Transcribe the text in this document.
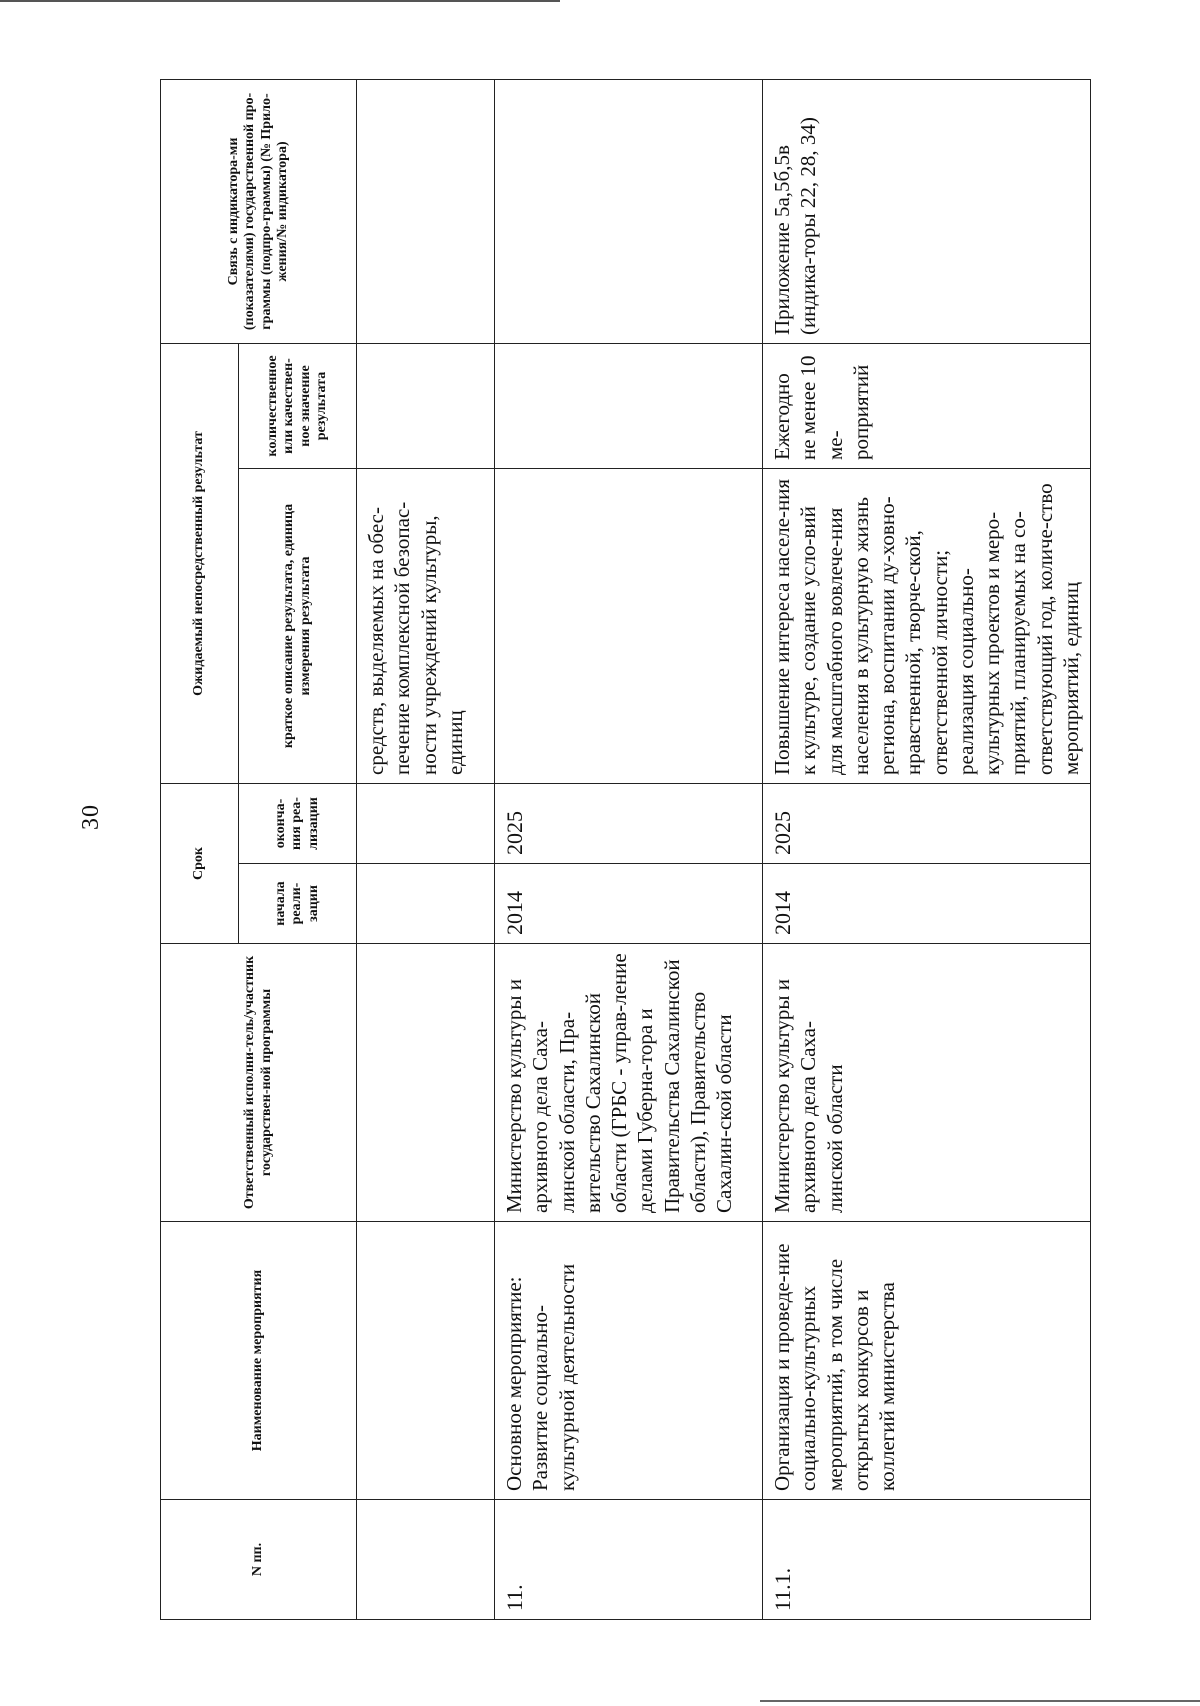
30
N пп.	Наименование мероприятия	Ответственный исполни-тель/участник государствен-ной программы	Срок		Ожидаемый непосредственный результат		Связь с индикатора-ми (показателями) государственной про-граммы (подпро-граммы) (№ Прило-жения/№ индикатора)
			начала реали-зации	оконча-ния реа-лизации	краткое описание результата, единица измерения результата	количественное или качествен-ное значение результата	
					средств, выделяемых на обес-печение комплексной безопас-ности учреждений культуры, единиц		
11.	Основное мероприятие: Развитие социально-культурной деятельности	Министерство культуры и архивного дела Саха-линской области, Пра-вительство Сахалинской области (ГРБС - управ-ление делами Губерна-тора и Правительства Сахалинской области), Правительство Сахалин-ской области	2014	2025			
11.1.	Организация и проведе-ние социально-культурных мероприятий, в том числе открытых конкурсов и коллегий министерства	Министерство культуры и архивного дела Саха-линской области	2014	2025	Повышение интереса населе-ния к культуре, создание усло-вий для масштабного вовлече-ния населения в культурную жизнь региона, воспитании ду-ховно-нравственной, творче-ской, ответственной личности; реализация социально-культурных проектов и меро-приятий, планируемых на со-ответствующий год, количе-ство мероприятий, единиц	Ежегодно не менее 10 ме-роприятий	Приложение 5а,5б,5в (индика-торы 22, 28, 34)
